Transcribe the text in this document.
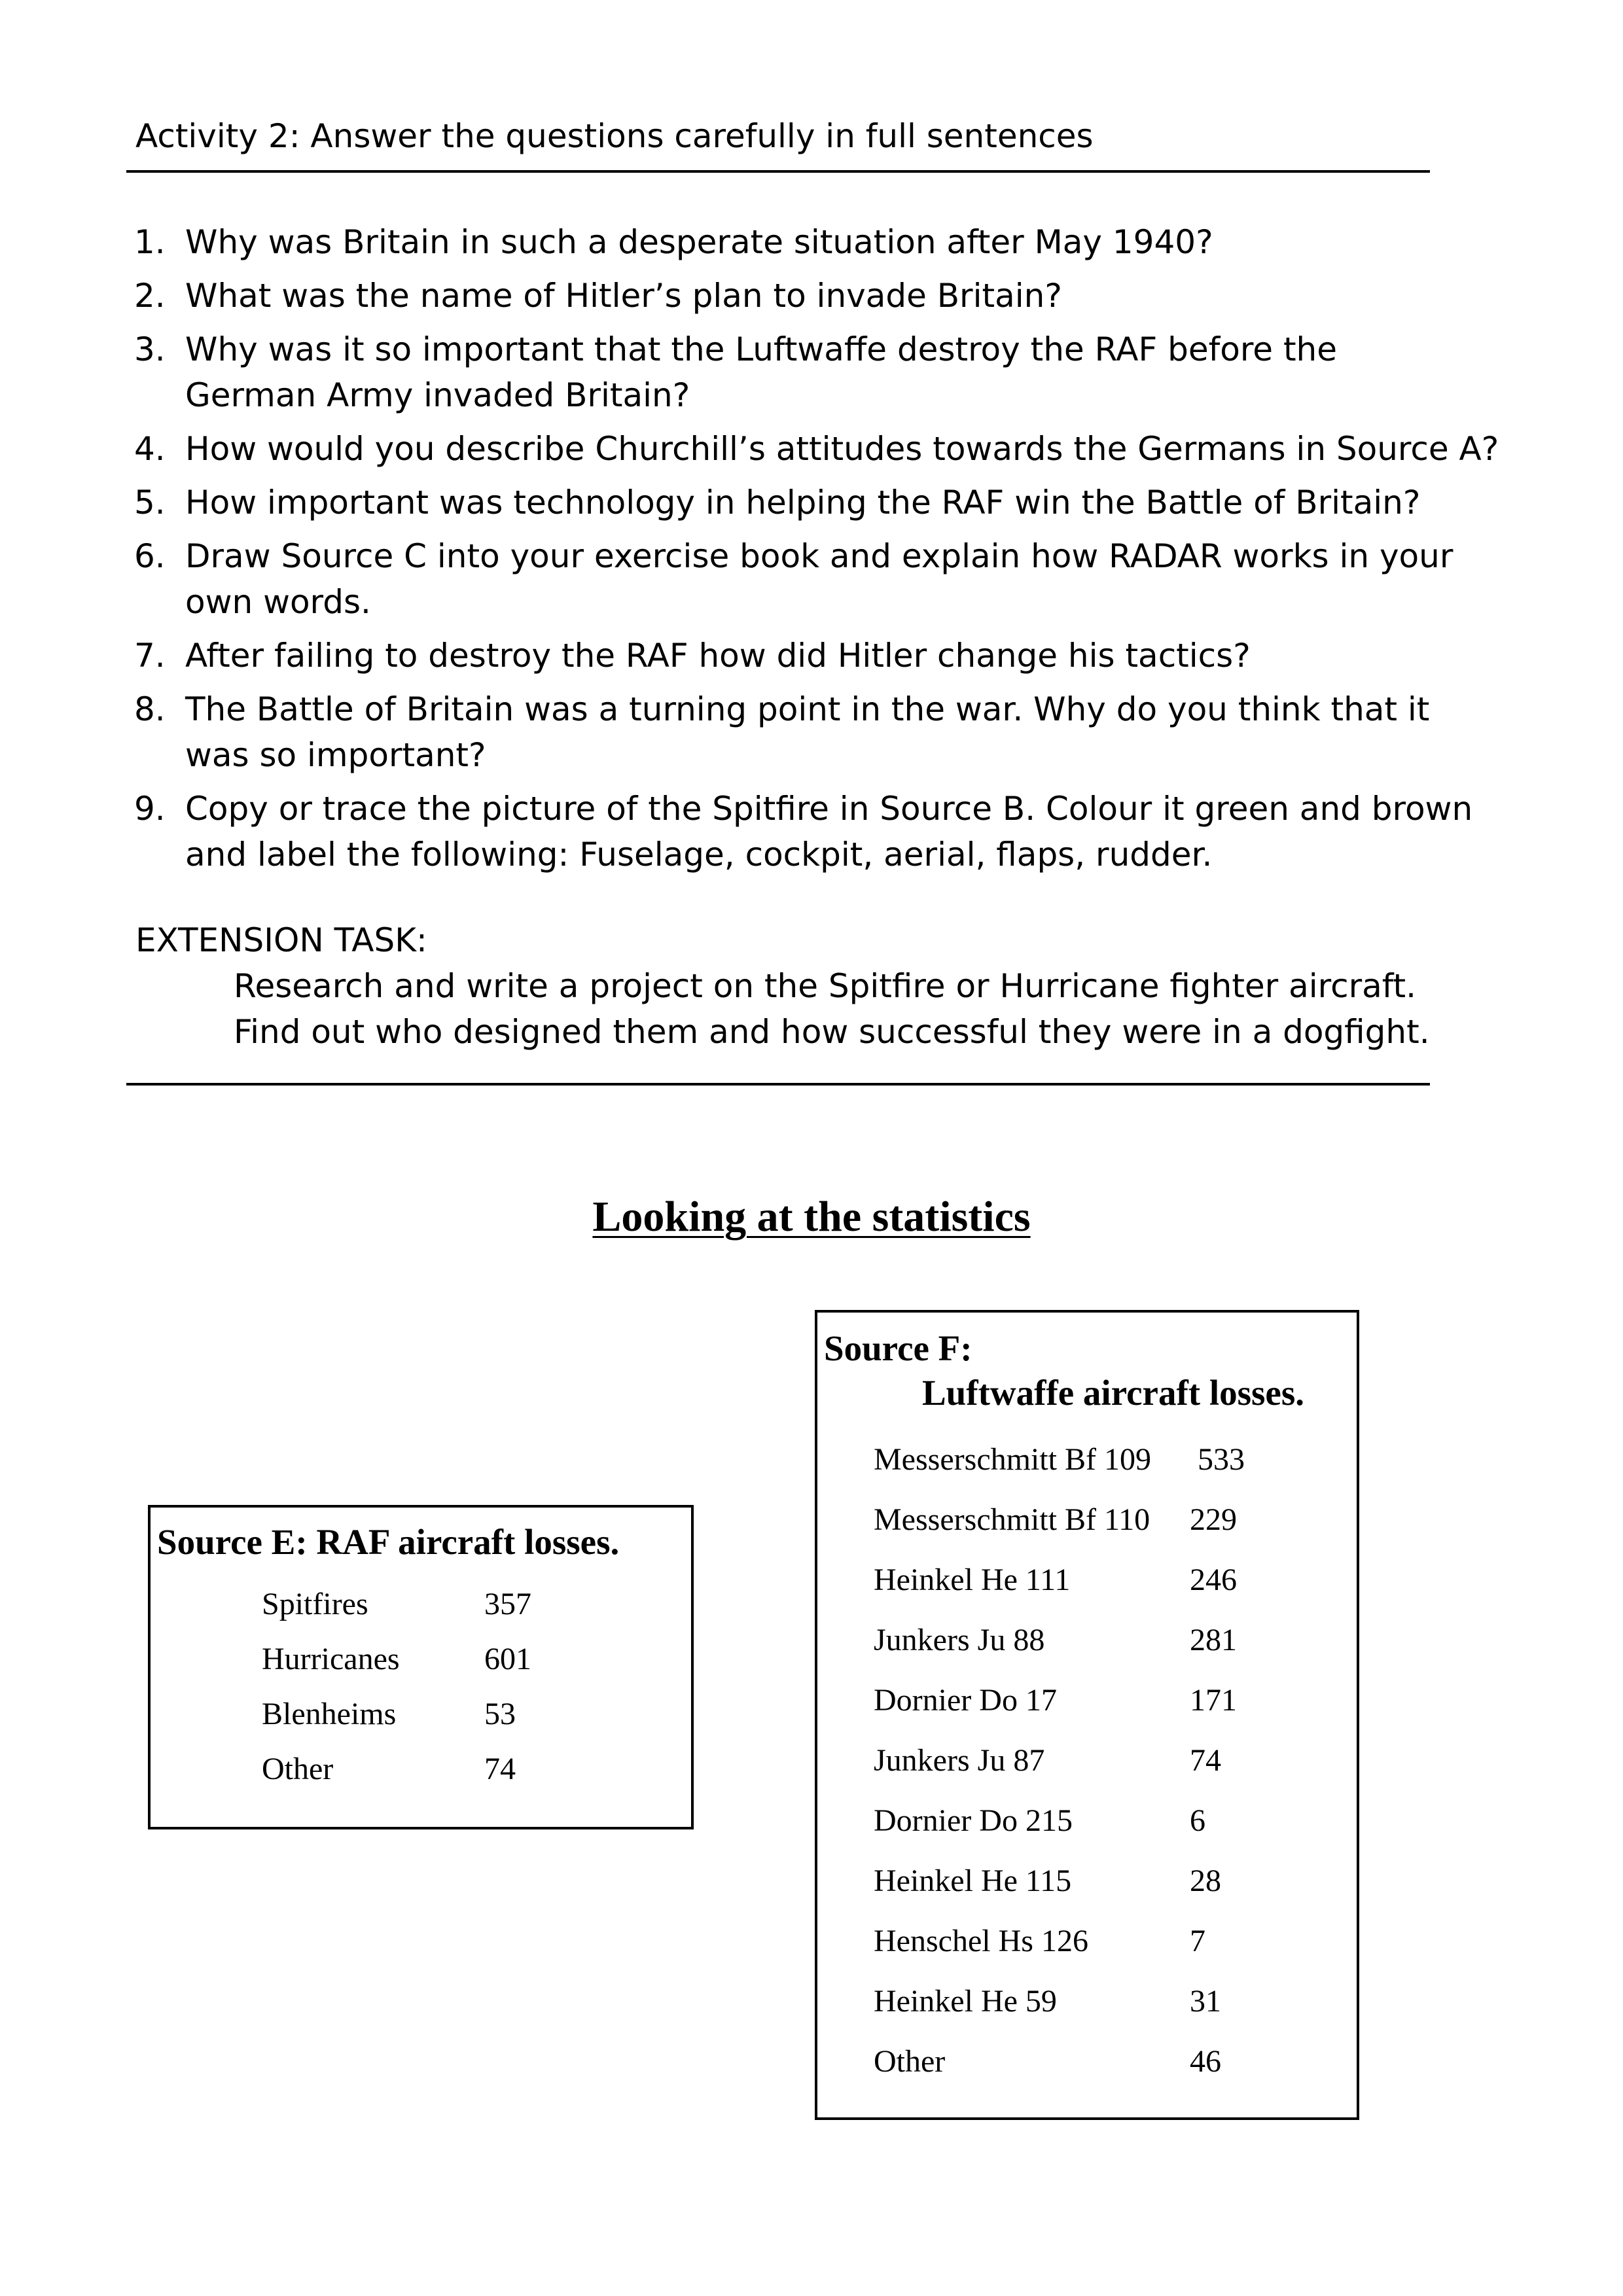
Activity 2: Answer the questions carefully in full sentences
1. Why was Britain in such a desperate situation after May 1940?
2. What was the name of Hitler’s plan to invade Britain?
3. Why was it so important that the Luftwaffe destroy the RAF before the
German Army invaded Britain?
4. How would you describe Churchill’s attitudes towards the Germans in Source A?
5. How important was technology in helping the RAF win the Battle of Britain?
6. Draw Source C into your exercise book and explain how RADAR works in your
own words.
7. After failing to destroy the RAF how did Hitler change his tactics?
8. The Battle of Britain was a turning point in the war. Why do you think that it
was so important?
9. Copy or trace the picture of the Spitfire in Source B. Colour it green and brown
and label the following: Fuselage, cockpit, aerial, flaps, rudder.
EXTENSION TASK:
Research and write a project on the Spitfire or Hurricane fighter aircraft.
Find out who designed them and how successful they were in a dogfight.
Looking at the statistics
Source E: RAF aircraft losses.
Spitfires	357
Hurricanes	601
Blenheims	53
Other	74
Source F:
Luftwaffe aircraft losses.
Messerschmitt Bf 109 533
Messerschmitt Bf 110 229
Heinkel He 111	246
Junkers Ju 88	281
Dornier Do 17	171
Junkers Ju 87	74
Dornier Do 215	6
Heinkel He 115	28
Henschel Hs 126	7
Heinkel He 59	31
Other	46
